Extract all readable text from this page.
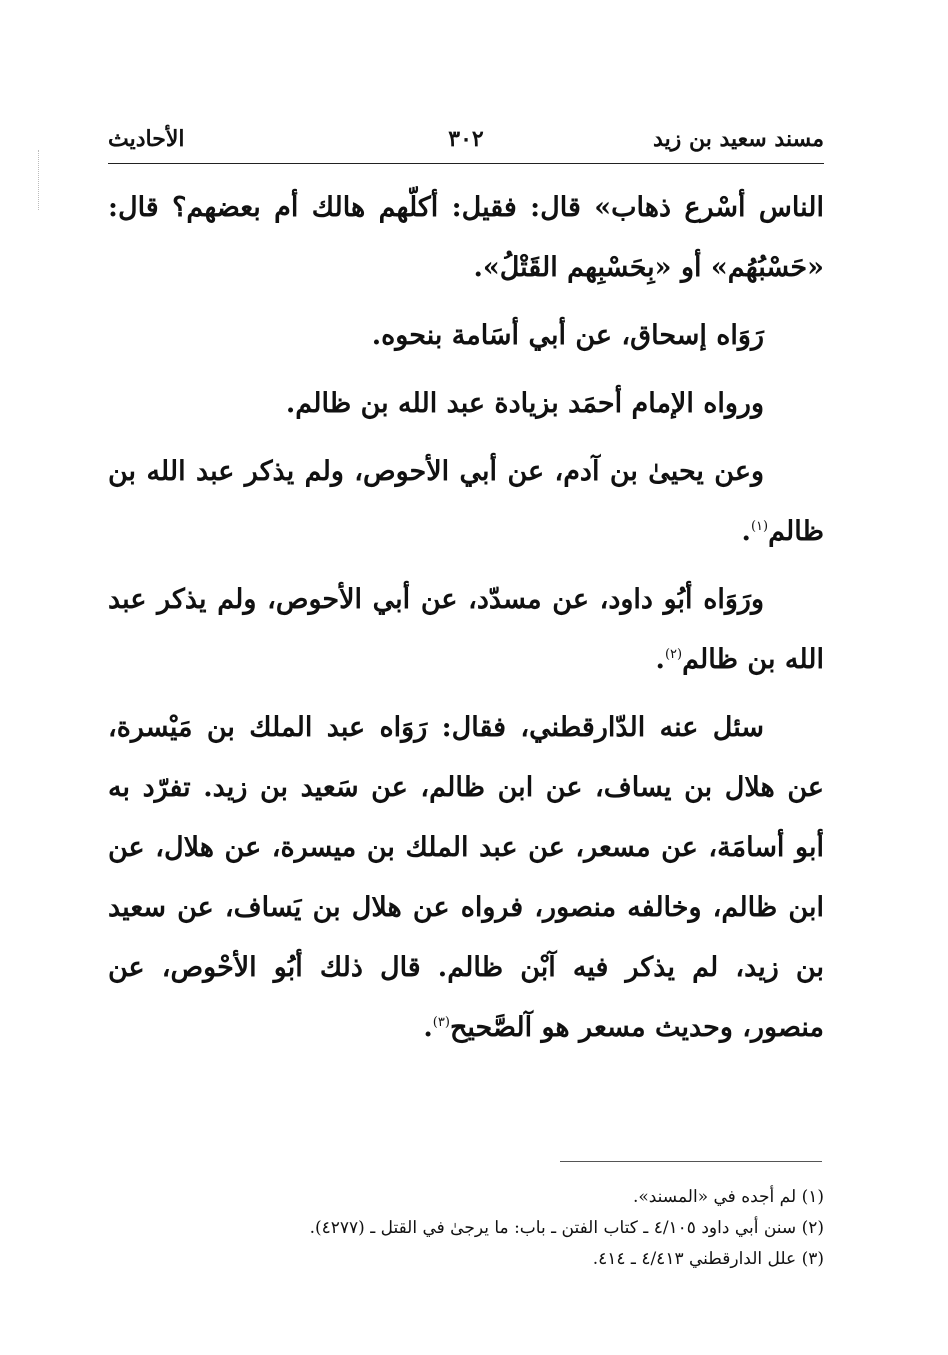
مسند سعيد بن زيد
٣٠٢
الأحاديث

الناس أسْرع ذهاب» قال: فقيل: أكلّهم هالك أم بعضهم؟ قال: «حَسْبُهُم» أو «بِحَسْبِهم القَتْلُ».

رَوَاه إسحاق، عن أبي أسَامة بنحوه.

ورواه الإمام أحمَد بزيادة عبد الله بن ظالم.

وعن يحيىٰ بن آدم، عن أبي الأحوص، ولم يذكر عبد الله بن ظالم$^{(١)}$.

ورَوَاه أبُو داود، عن مسدّد، عن أبي الأحوص، ولم يذكر عبد الله بن ظالم$^{(٢)}$.

سئل عنه الدّارقطني، فقال: رَوَاه عبد الملك بن مَيْسرة، عن هلال بن يساف، عن ابن ظالم، عن سَعيد بن زيد. تفرّد به أبو أسامَة، عن مسعر، عن عبد الملك بن ميسرة، عن هلال، عن ابن ظالم، وخالفه منصور، فرواه عن هلال بن يَساف، عن سعيد بن زيد، لم يذكر فيه آبْن ظالم. قال ذلك أبُو الأحْوص، عن منصور، وحديث مسعر هو آلصَّحيح$^{(٣)}$.

(١) لم أجده في «المسند».
(٢) سنن أبي داود ٤/١٠٥ ـ كتاب الفتن ـ باب: ما يرجىٰ في القتل ـ (٤٢٧٧).
(٣) علل الدارقطني ٤/٤١٣ ـ ٤١٤.
